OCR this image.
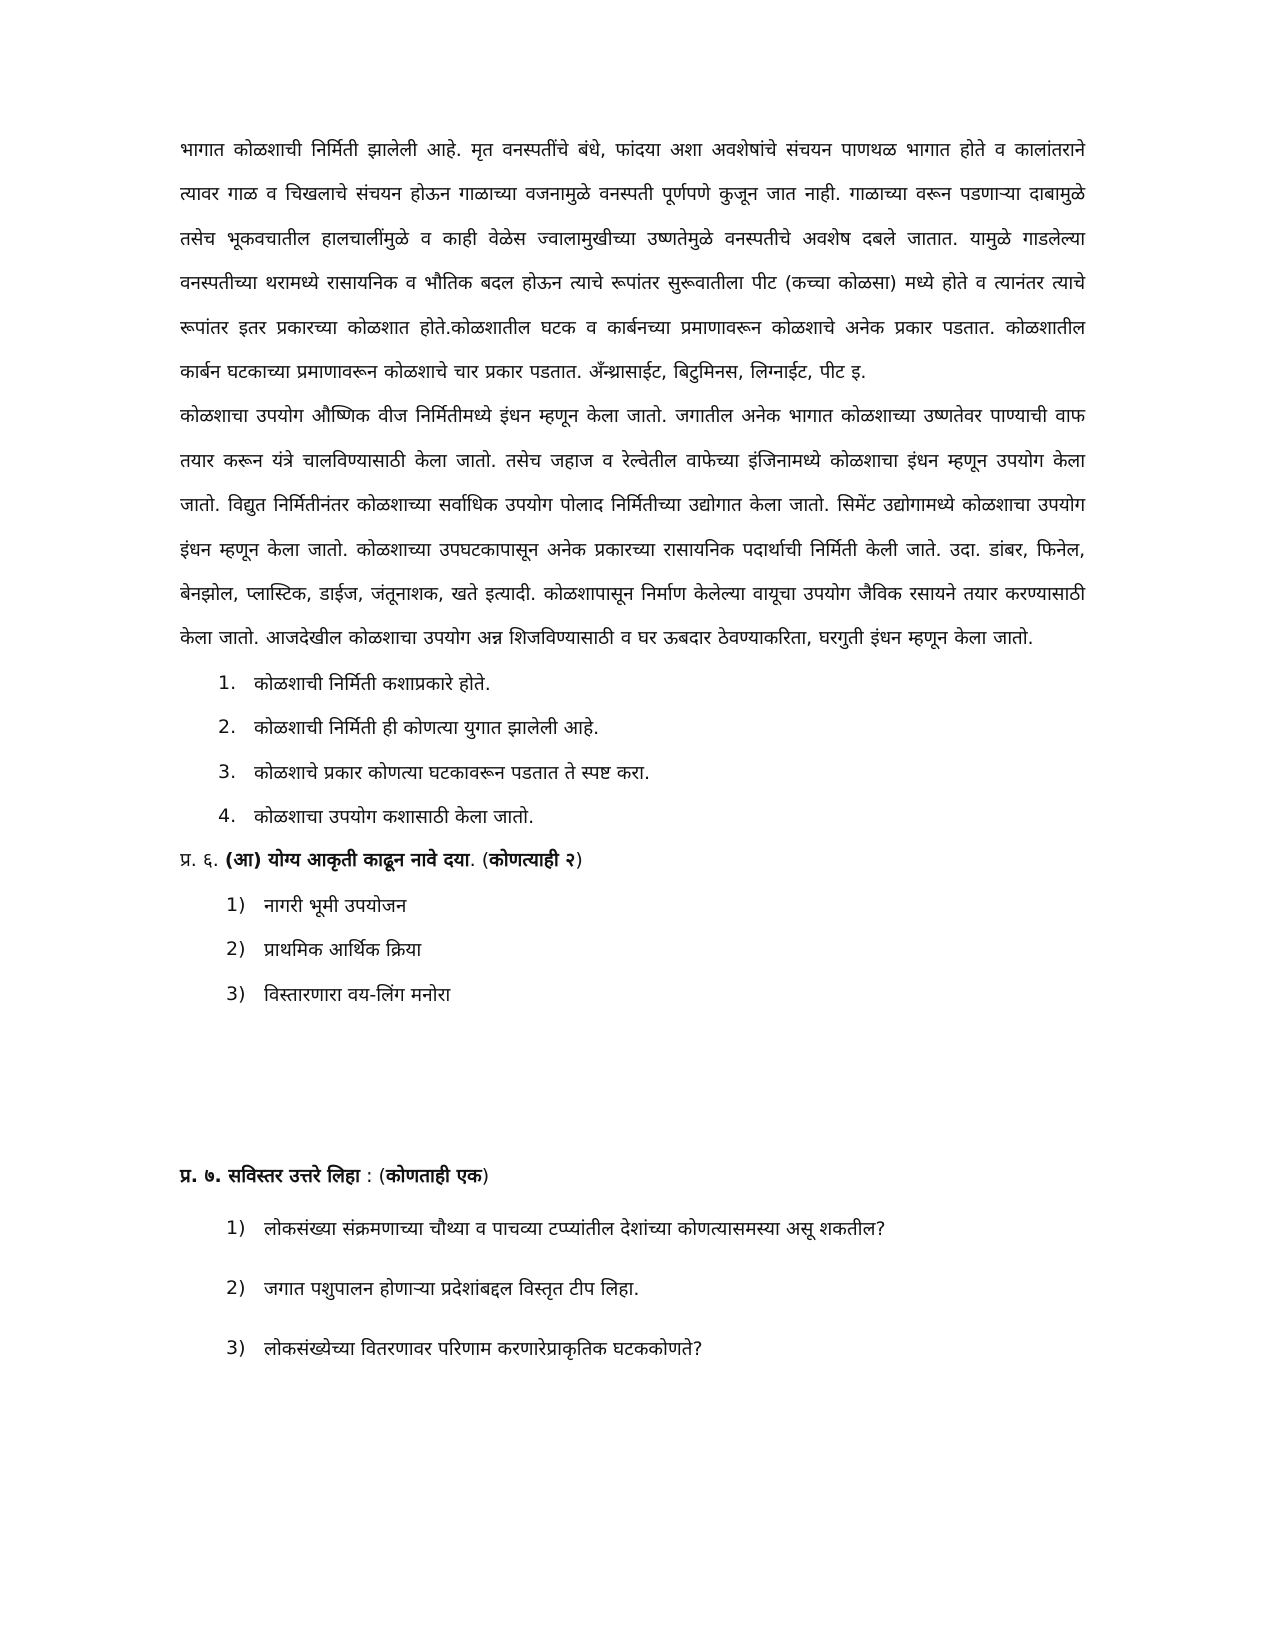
भागात कोळशाची निर्मिती झालेली आहे. मृत वनस्पतींचे बंधे, फांदया अशा अवशेषांचे संचयन पाणथळ भागात होते व कालांतराने त्यावर गाळ व चिखलाचे संचयन होऊन गाळाच्या वजनामुळे वनस्पती पूर्णपणे कुजून जात नाही. गाळाच्या वरून पडणाऱ्या दाबामुळे तसेच भूकवचातील हालचालींमुळे व काही वेळेस ज्वालामुखीच्या उष्णतेमुळे वनस्पतीचे अवशेष दबले जातात. यामुळे गाडलेल्या वनस्पतीच्या थरामध्ये रासायनिक व भौतिक बदल होऊन त्याचे रूपांतर सुरूवातीला पीट (कच्चा कोळसा) मध्ये होते व त्यानंतर त्याचे रूपांतर इतर प्रकारच्या कोळशात होते.कोळशातील घटक व कार्बनच्या प्रमाणावरून कोळशाचे अनेक प्रकार पडतात. कोळशातील कार्बन घटकाच्या प्रमाणावरून कोळशाचे चार प्रकार पडतात. अँन्थ्रासाईट, बिटुमिनस, लिग्नाईट, पीट इ.

कोळशाचा उपयोग औष्णिक वीज निर्मितीमध्ये इंधन म्हणून केला जातो. जगातील अनेक भागात कोळशाच्या उष्णतेवर पाण्याची वाफ तयार करून यंत्रे चालविण्यासाठी केला जातो. तसेच जहाज व रेल्वेतील वाफेच्या इंजिनामध्ये कोळशाचा इंधन म्हणून उपयोग केला जातो. विद्युत निर्मितीनंतर कोळशाच्या सर्वाधिक उपयोग पोलाद निर्मितीच्या उद्योगात केला जातो. सिमेंट उद्योगामध्ये कोळशाचा उपयोग इंधन म्हणून केला जातो. कोळशाच्या उपघटकापासून अनेक प्रकारच्या रासायनिक पदार्थाची निर्मिती केली जाते. उदा. डांबर, फिनेल, बेनझोल, प्लास्टिक, डाईज, जंतूनाशक, खते इत्यादी. कोळशापासून निर्माण केलेल्या वायूचा उपयोग जैविक रसायने तयार करण्यासाठी केला जातो. आजदेखील कोळशाचा उपयोग अन्न शिजविण्यासाठी व घर ऊबदार ठेवण्याकरिता, घरगुती इंधन म्हणून केला जातो.

1. कोळशाची निर्मिती कशाप्रकारे होते.
2. कोळशाची निर्मिती ही कोणत्या युगात झालेली आहे.
3. कोळशाचे प्रकार कोणत्या घटकावरून पडतात ते स्पष्ट करा.
4. कोळशाचा उपयोग कशासाठी केला जातो.

प्र. ६. (आ) योग्य आकृती काढून नावे दया. (कोणत्याही २)

1) नागरी भूमी उपयोजन
2) प्राथमिक आर्थिक क्रिया
3) विस्तारणारा वय-लिंग मनोरा

प्र. ७. सविस्तर उत्तरे लिहा : (कोणताही एक)

1) लोकसंख्या संक्रमणाच्या चौथ्या व पाचव्या टप्प्यांतील देशांच्या कोणत्यासमस्या असू शकतील?
2) जगात पशुपालन होणाऱ्या प्रदेशांबद्दल विस्तृत टीप लिहा.
3) लोकसंख्येच्या वितरणावर परिणाम करणारेप्राकृतिक घटककोणते?
